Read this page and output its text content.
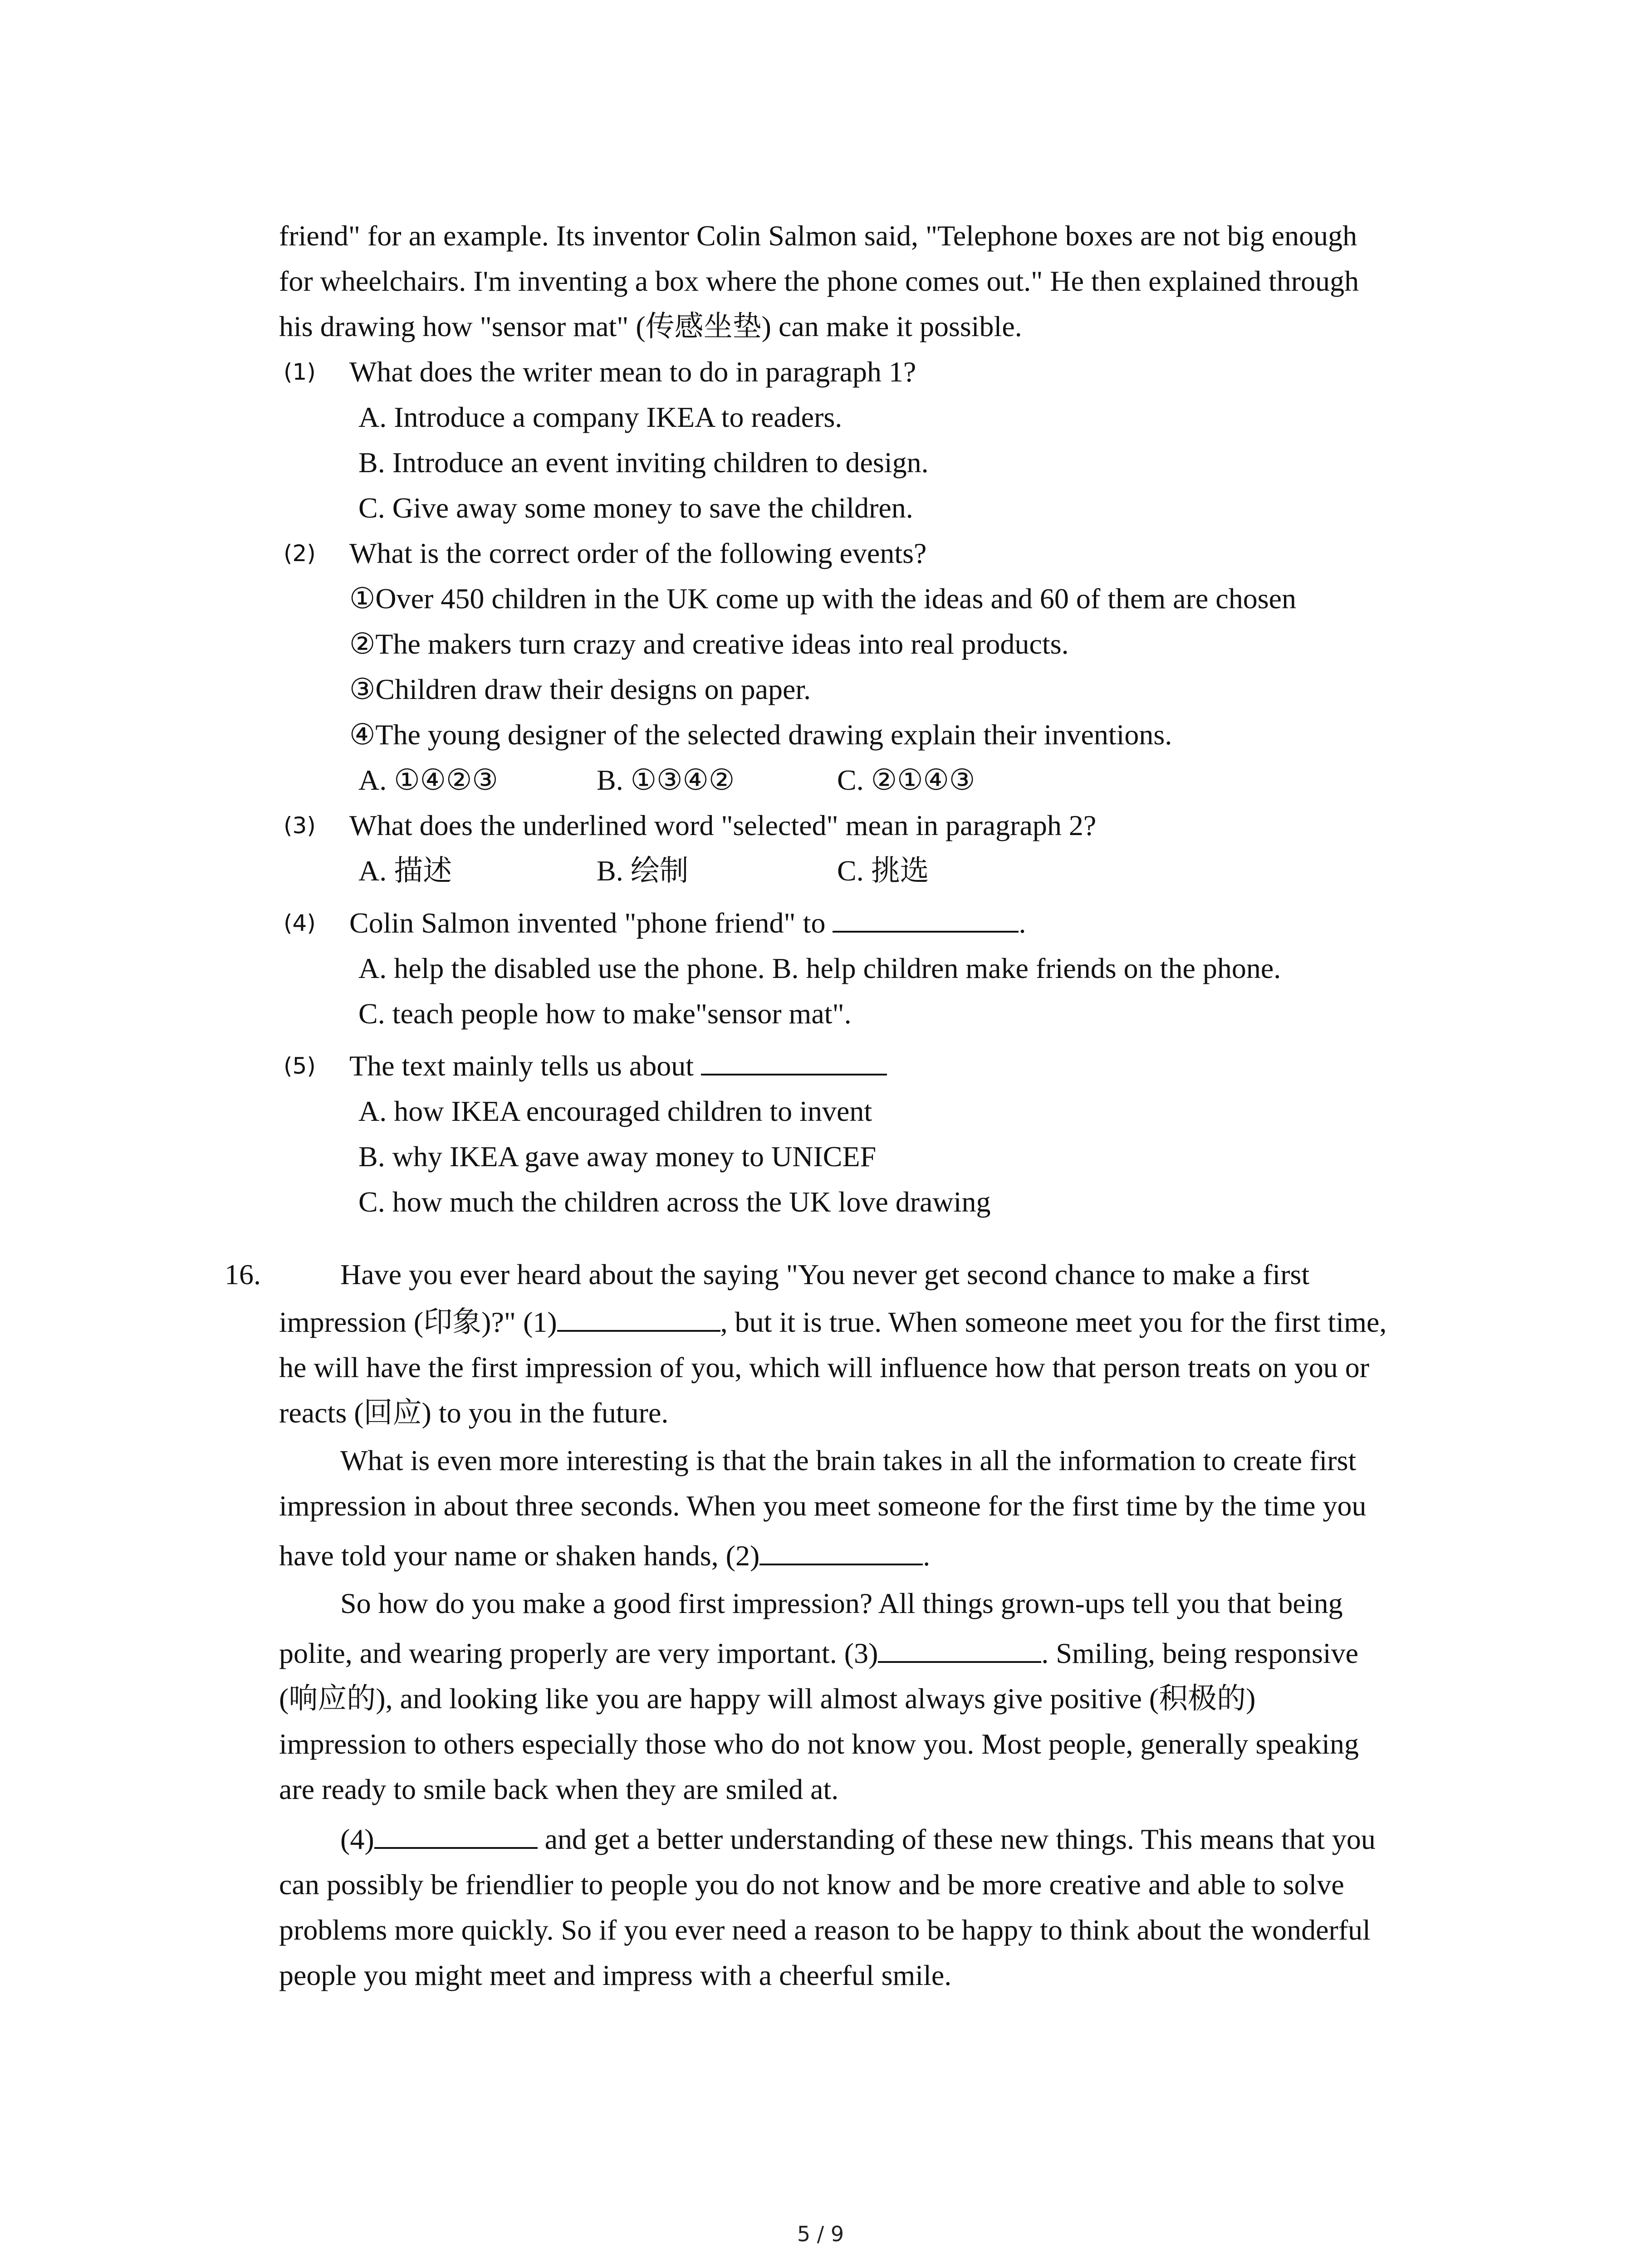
friend" for an example. Its inventor Colin Salmon said, "Telephone boxes are not big enough
for wheelchairs. I'm inventing a box where the phone comes out." He then explained through
his drawing how "sensor mat" (传感坐垫) can make it possible.
(1) What does the writer mean to do in paragraph 1?
A. Introduce a company IKEA to readers.
B. Introduce an event inviting children to design.
C. Give away some money to save the children.
(2) What is the correct order of the following events?
①Over 450 children in the UK come up with the ideas and 60 of them are chosen
②The makers turn crazy and creative ideas into real products.
③Children draw their designs on paper.
④The young designer of the selected drawing explain their inventions.
A. ①④②③	B. ①③④②	C. ②①④③
(3) What does the underlined word "selected" mean in paragraph 2?
A. 描述	B. 绘制	C. 挑选
(4) Colin Salmon invented "phone friend" to	.
A. help the disabled use the phone. B. help children make friends on the phone.
C. teach people how to make"sensor mat".
(5) The text mainly tells us about
A. how IKEA encouraged children to invent
B. why IKEA gave away money to UNICEF
C. how much the children across the UK love drawing
16.	Have you ever heard about the saying "You never get second chance to make a first
impression (印象)?" (1)	, but it is true. When someone meet you for the first time,
he will have the first impression of you, which will influence how that person treats on you or
reacts (回应) to you in the future.
What is even more interesting is that the brain takes in all the information to create first
impression in about three seconds. When you meet someone for the first time by the time you
have told your name or shaken hands, (2)	.
So how do you make a good first impression? All things grown-ups tell you that being
polite, and wearing properly are very important. (3)	. Smiling, being responsive
(响应的), and looking like you are happy will almost always give positive (积极的)
impression to others especially those who do not know you. Most people, generally speaking
are ready to smile back when they are smiled at.
(4)	and get a better understanding of these new things. This means that you
can possibly be friendlier to people you do not know and be more creative and able to solve
problems more quickly. So if you ever need a reason to be happy to think about the wonderful
people you might meet and impress with a cheerful smile.
5 / 9
